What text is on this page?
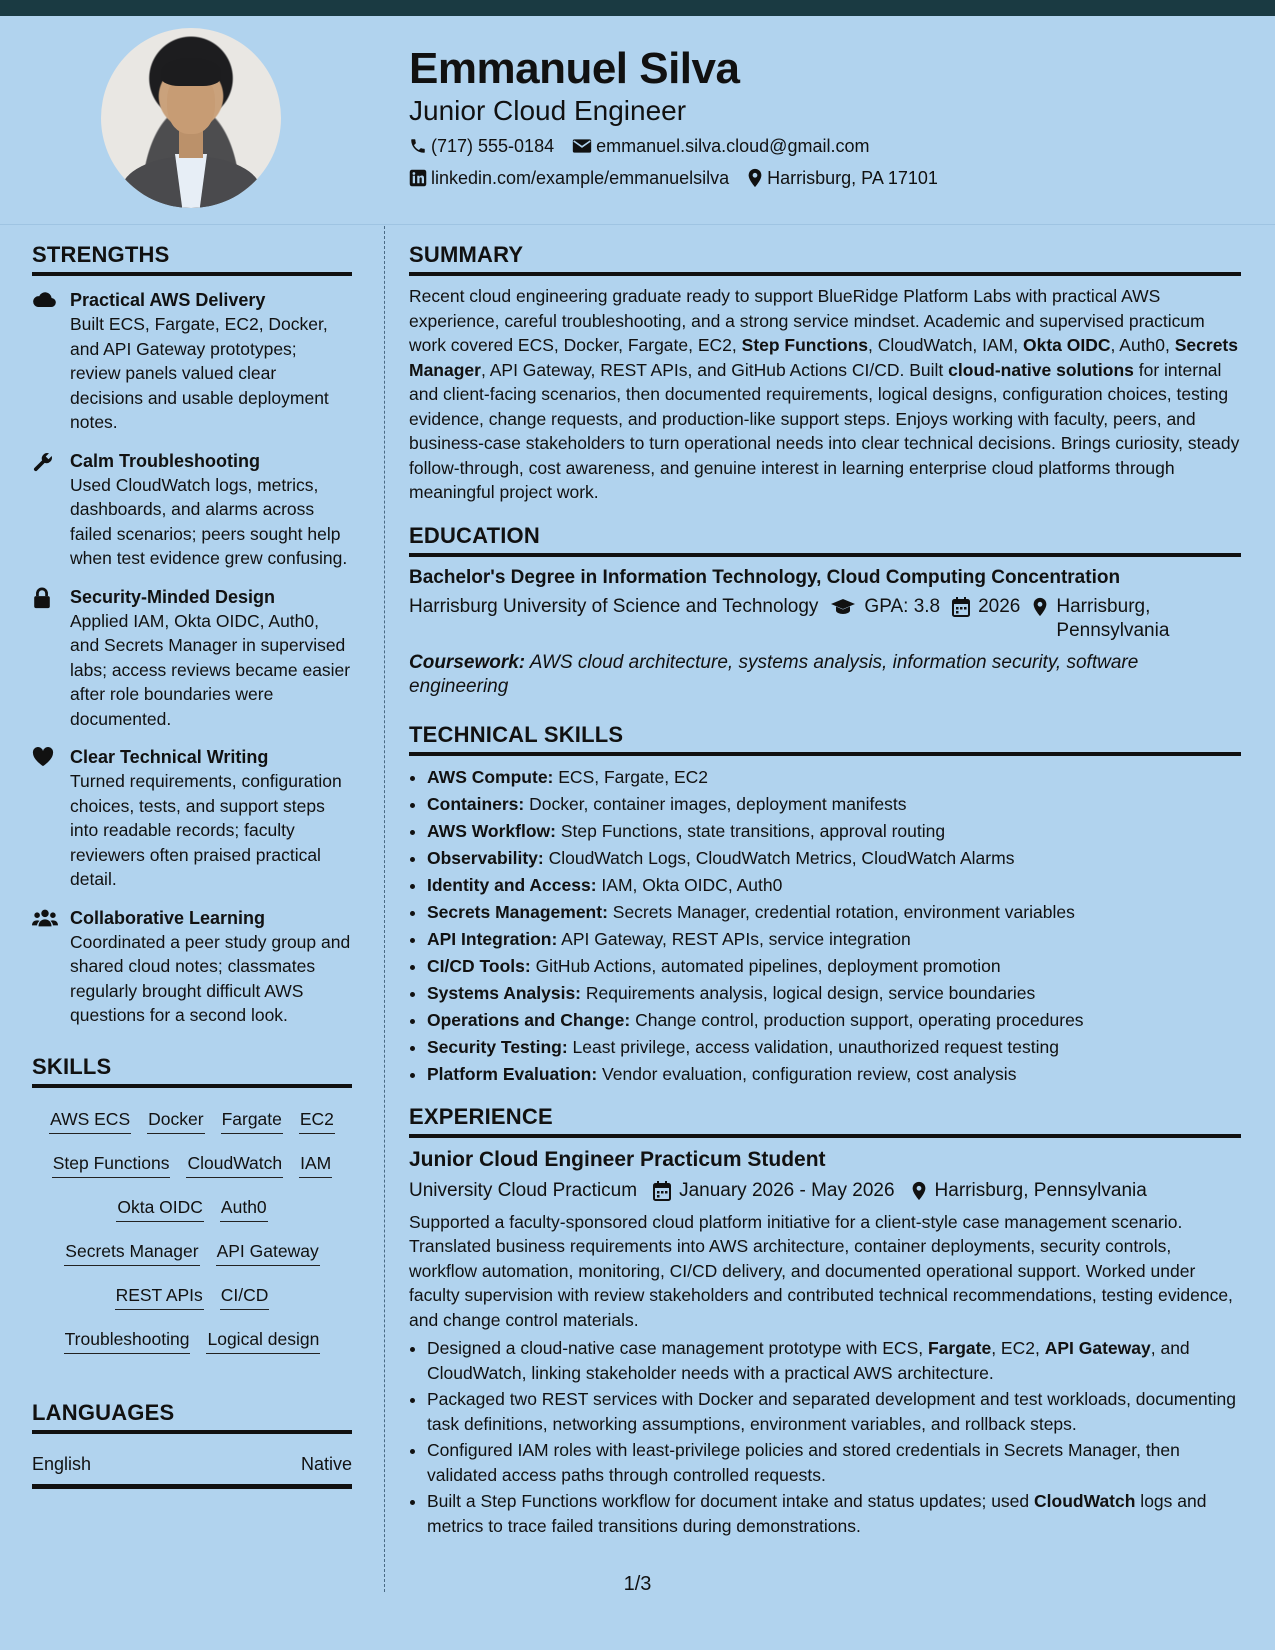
Emmanuel Silva
Junior Cloud Engineer
(717) 555-0184 emmanuel.silva.cloud@gmail.com
linkedin.com/example/emmanuelsilva Harrisburg, PA 17101
STRENGTHS
Practical AWS Delivery
Built ECS, Fargate, EC2, Docker, and API Gateway prototypes; review panels valued clear decisions and usable deployment notes.
Calm Troubleshooting
Used CloudWatch logs, metrics, dashboards, and alarms across failed scenarios; peers sought help when test evidence grew confusing.
Security-Minded Design
Applied IAM, Okta OIDC, Auth0, and Secrets Manager in supervised labs; access reviews became easier after role boundaries were documented.
Clear Technical Writing
Turned requirements, configuration choices, tests, and support steps into readable records; faculty reviewers often praised practical detail.
Collaborative Learning
Coordinated a peer study group and shared cloud notes; classmates regularly brought difficult AWS questions for a second look.
SKILLS
AWS ECS Docker Fargate EC2
Step Functions CloudWatch IAM
Okta OIDC Auth0
Secrets Manager API Gateway
REST APIs CI/CD
Troubleshooting Logical design
LANGUAGES
English	Native
SUMMARY

Recent cloud engineering graduate ready to support BlueRidge Platform Labs with practical AWS experience, careful troubleshooting, and a strong service mindset. Academic and supervised practicum work covered ECS, Docker, Fargate, EC2, Step Functions, CloudWatch, IAM, Okta OIDC, Auth0, Secrets Manager, API Gateway, REST APIs, and GitHub Actions CI/CD. Built cloud-native solutions for internal and client-facing scenarios, then documented requirements, logical designs, configuration choices, testing evidence, change requests, and production-like support steps. Enjoys working with faculty, peers, and business-case stakeholders to turn operational needs into clear technical decisions. Brings curiosity, steady follow-through, cost awareness, and genuine interest in learning enterprise cloud platforms through meaningful project work.

EDUCATION
Bachelor's Degree in Information Technology, Cloud Computing Concentration
Harrisburg University of Science and Technology GPA: 3.8 2026 Harrisburg, Pennsylvania
Coursework: AWS cloud architecture, systems analysis, information security, software engineering
TECHNICAL SKILLS
• AWS Compute: ECS, Fargate, EC2
• Containers: Docker, container images, deployment manifests
• AWS Workflow: Step Functions, state transitions, approval routing
• Observability: CloudWatch Logs, CloudWatch Metrics, CloudWatch Alarms
• Identity and Access: IAM, Okta OIDC, Auth0
• Secrets Management: Secrets Manager, credential rotation, environment variables
• API Integration: API Gateway, REST APIs, service integration
• CI/CD Tools: GitHub Actions, automated pipelines, deployment promotion
• Systems Analysis: Requirements analysis, logical design, service boundaries
• Operations and Change: Change control, production support, operating procedures
• Security Testing: Least privilege, access validation, unauthorized request testing
• Platform Evaluation: Vendor evaluation, configuration review, cost analysis
EXPERIENCE
Junior Cloud Engineer Practicum Student
University Cloud Practicum January 2026 - May 2026 Harrisburg, Pennsylvania

Supported a faculty-sponsored cloud platform initiative for a client-style case management scenario. Translated business requirements into AWS architecture, container deployments, security controls, workflow automation, monitoring, CI/CD delivery, and documented operational support. Worked under faculty supervision with review stakeholders and contributed technical recommendations, testing evidence, and change control materials.

• Designed a cloud-native case management prototype with ECS, Fargate, EC2, API Gateway, and CloudWatch, linking stakeholder needs with a practical AWS architecture.
• Packaged two REST services with Docker and separated development and test workloads, documenting task definitions, networking assumptions, environment variables, and rollback steps.
• Configured IAM roles with least-privilege policies and stored credentials in Secrets Manager, then validated access paths through controlled requests.
• Built a Step Functions workflow for document intake and status updates; used CloudWatch logs and metrics to trace failed transitions during demonstrations.
1/3
